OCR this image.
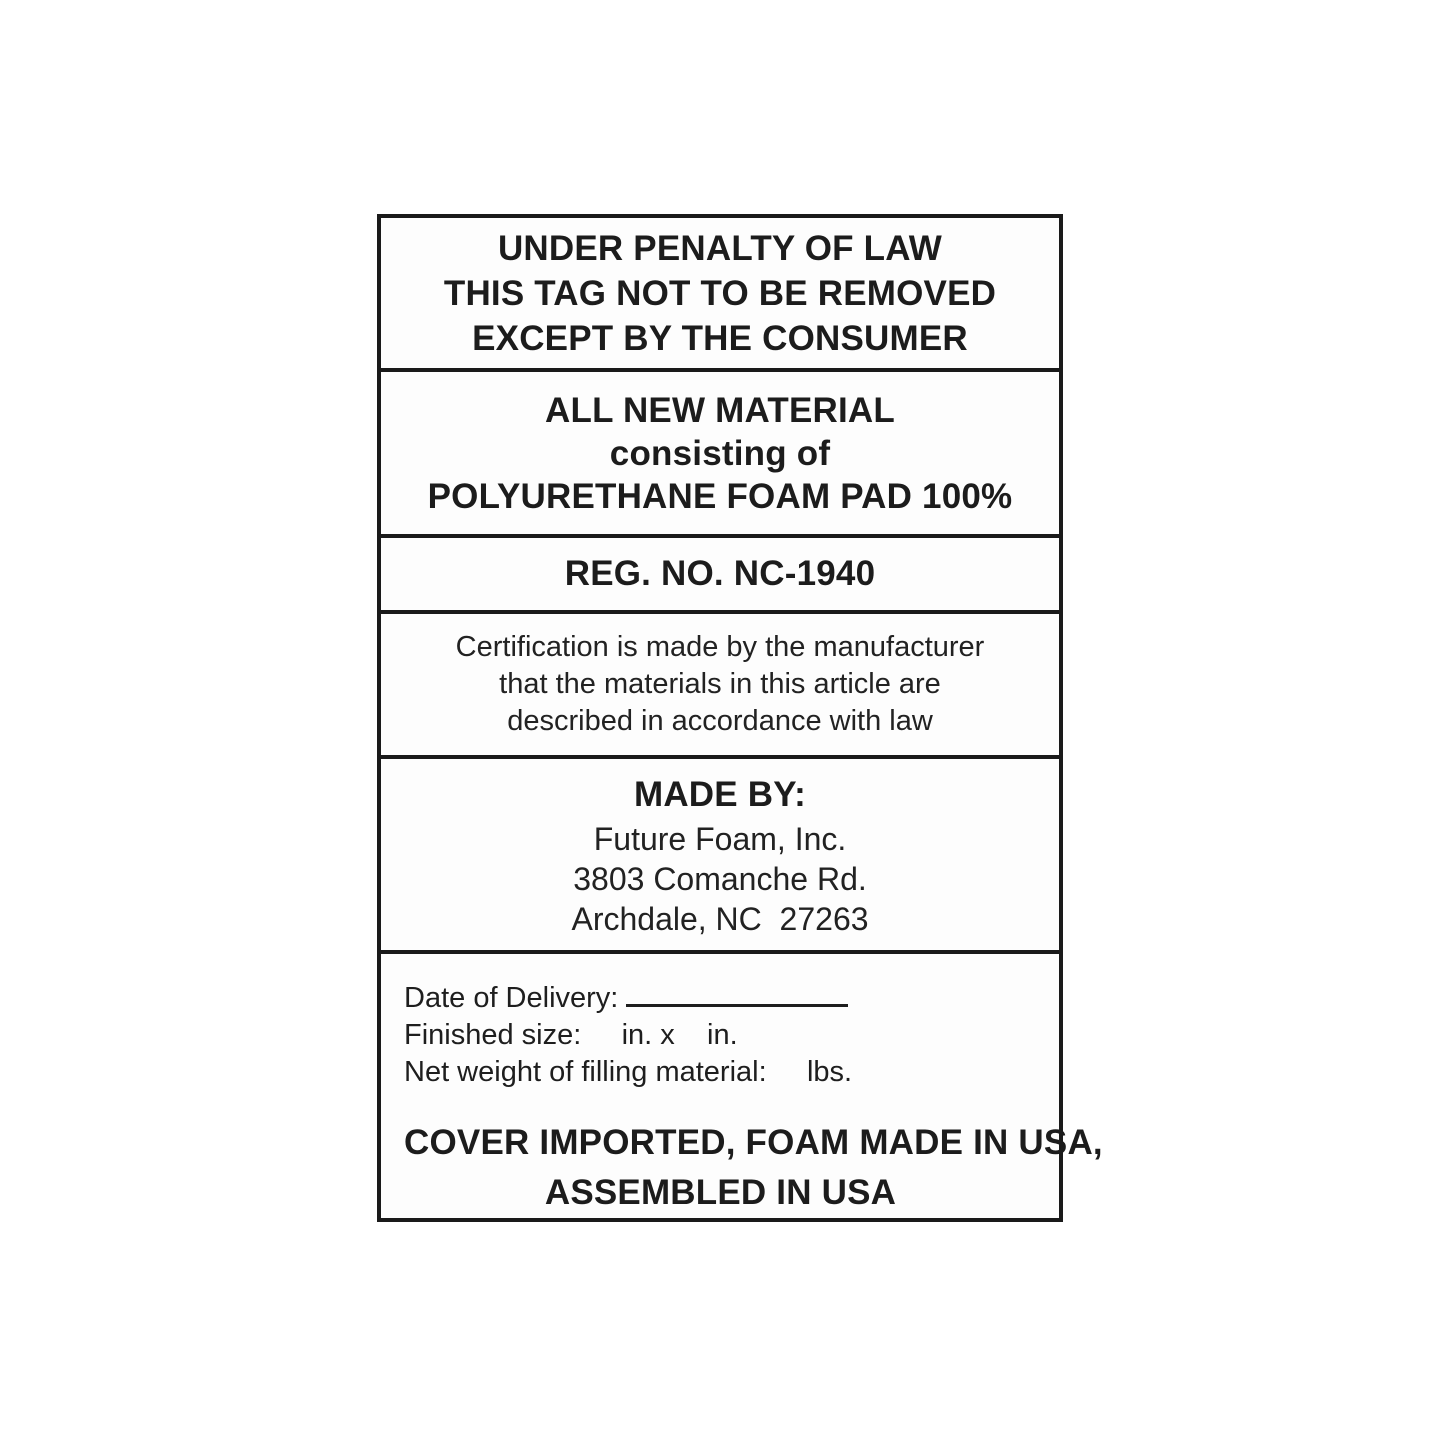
UNDER PENALTY OF LAW
THIS TAG NOT TO BE REMOVED
EXCEPT BY THE CONSUMER
ALL NEW MATERIAL
consisting of
POLYURETHANE FOAM PAD 100%
REG. NO. NC-1940
Certification is made by the manufacturer
that the materials in this article are
described in accordance with law
MADE BY:
Future Foam, Inc.
3803 Comanche Rd.
Archdale, NC  27263
Date of Delivery:
Finished size:     in. x    in.
Net weight of filling material:     lbs.
COVER IMPORTED, FOAM MADE IN USA,
ASSEMBLED IN USA
